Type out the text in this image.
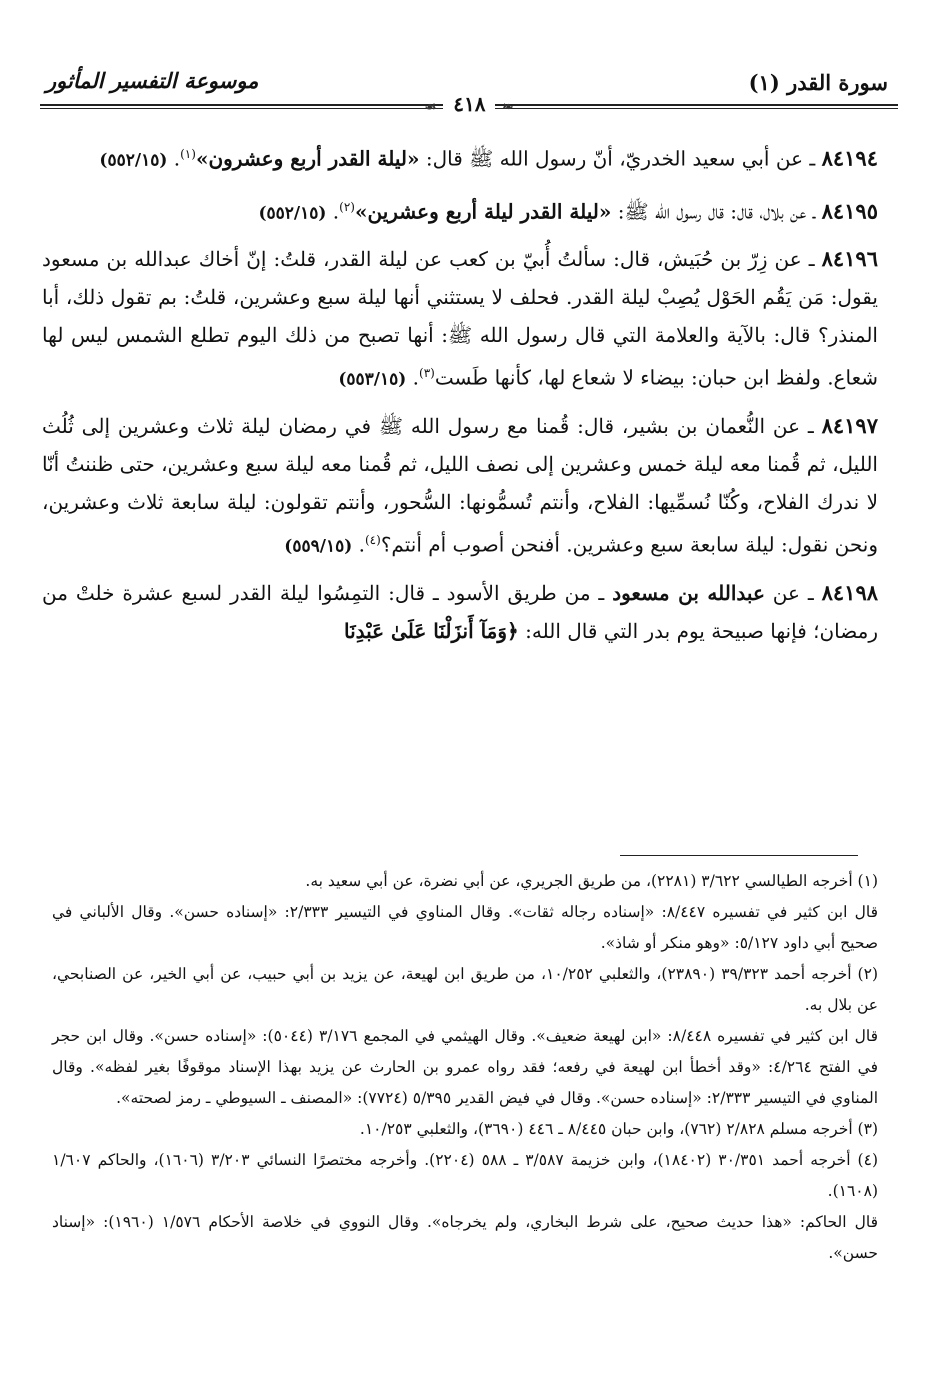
سورة القدر (١)
موسوعة التفسير المأثور
❧ ٤١٨ ☙

٨٤١٩٤ ـ عن أبي سعيد الخدريّ، أنّ رسول الله ﷺ قال: «ليلة القدر أربع وعشرون»$^{(١)}$. (٥٥٢/١٥)

٨٤١٩٥ ـ عن بلال، قال: قال رسول الله ﷺ: «ليلة القدر ليلة أربع وعشرين»$^{(٢)}$. (٥٥٢/١٥)

٨٤١٩٦ ـ عن زِرّ بن حُبَيش، قال: سألتُ أُبيّ بن كعب عن ليلة القدر، قلتُ: إنّ أخاك عبدالله بن مسعود يقول: مَن يَقُم الحَوْل يُصِبْ ليلة القدر. فحلف لا يستثني أنها ليلة سبع وعشرين، قلتُ: بم تقول ذلك، أبا المنذر؟ قال: بالآية والعلامة التي قال رسول الله ﷺ: أنها تصبح من ذلك اليوم تطلع الشمس ليس لها شعاع. ولفظ ابن حبان: بيضاء لا شعاع لها، كأنها طَست$^{(٣)}$. (٥٥٣/١٥)

٨٤١٩٧ ـ عن النُّعمان بن بشير، قال: قُمنا مع رسول الله ﷺ في رمضان ليلة ثلاث وعشرين إلى ثُلُث الليل، ثم قُمنا معه ليلة خمس وعشرين إلى نصف الليل، ثم قُمنا معه ليلة سبع وعشرين، حتى ظننتُ أنّا لا ندرك الفلاح، وكُنّا نُسمِّيها: الفلاح، وأنتم تُسمُّونها: السُّحور، وأنتم تقولون: ليلة سابعة ثلاث وعشرين، ونحن نقول: ليلة سابعة سبع وعشرين. أفنحن أصوب أم أنتم؟$^{(٤)}$. (٥٥٩/١٥)

٨٤١٩٨ ـ عن عبدالله بن مسعود ـ من طريق الأسود ـ قال: التمِسُوا ليلة القدر لسبع عشرة خلتْ من رمضان؛ فإنها صبيحة يوم بدر التي قال الله: ﴿وَمَآ أَنزَلْنَا عَلَىٰ عَبْدِنَا

(١) أخرجه الطيالسي ٣/٦٢٢ (٢٢٨١)، من طريق الجريري، عن أبي نضرة، عن أبي سعيد به.

قال ابن كثير في تفسيره ٨/٤٤٧: «إسناده رجاله ثقات». وقال المناوي في التيسير ٢/٣٣٣: «إسناده حسن». وقال الألباني في صحيح أبي داود ٥/١٢٧: «وهو منكر أو شاذ».

(٢) أخرجه أحمد ٣٩/٣٢٣ (٢٣٨٩٠)، والثعلبي ١٠/٢٥٢، من طريق ابن لهيعة، عن يزيد بن أبي حبيب، عن أبي الخير، عن الصنابحي، عن بلال به.

قال ابن كثير في تفسيره ٨/٤٤٨: «ابن لهيعة ضعيف». وقال الهيثمي في المجمع ٣/١٧٦ (٥٠٤٤): «إسناده حسن». وقال ابن حجر في الفتح ٤/٢٦٤: «وقد أخطأ ابن لهيعة في رفعه؛ فقد رواه عمرو بن الحارث عن يزيد بهذا الإسناد موقوفًا بغير لفظه». وقال المناوي في التيسير ٢/٣٣٣: «إسناده حسن». وقال في فيض القدير ٥/٣٩٥ (٧٧٢٤): «المصنف ـ السيوطي ـ رمز لصحته».

(٣) أخرجه مسلم ٢/٨٢٨ (٧٦٢)، وابن حبان ٨/٤٤٥ ـ ٤٤٦ (٣٦٩٠)، والثعلبي ١٠/٢٥٣.

(٤) أخرجه أحمد ٣٠/٣٥١ (١٨٤٠٢)، وابن خزيمة ٣/٥٨٧ ـ ٥٨٨ (٢٢٠٤). وأخرجه مختصرًا النسائي ٣/٢٠٣ (١٦٠٦)، والحاكم ١/٦٠٧ (١٦٠٨).

قال الحاكم: «هذا حديث صحيح، على شرط البخاري، ولم يخرجاه». وقال النووي في خلاصة الأحكام ١/٥٧٦ (١٩٦٠): «إسناد حسن».
